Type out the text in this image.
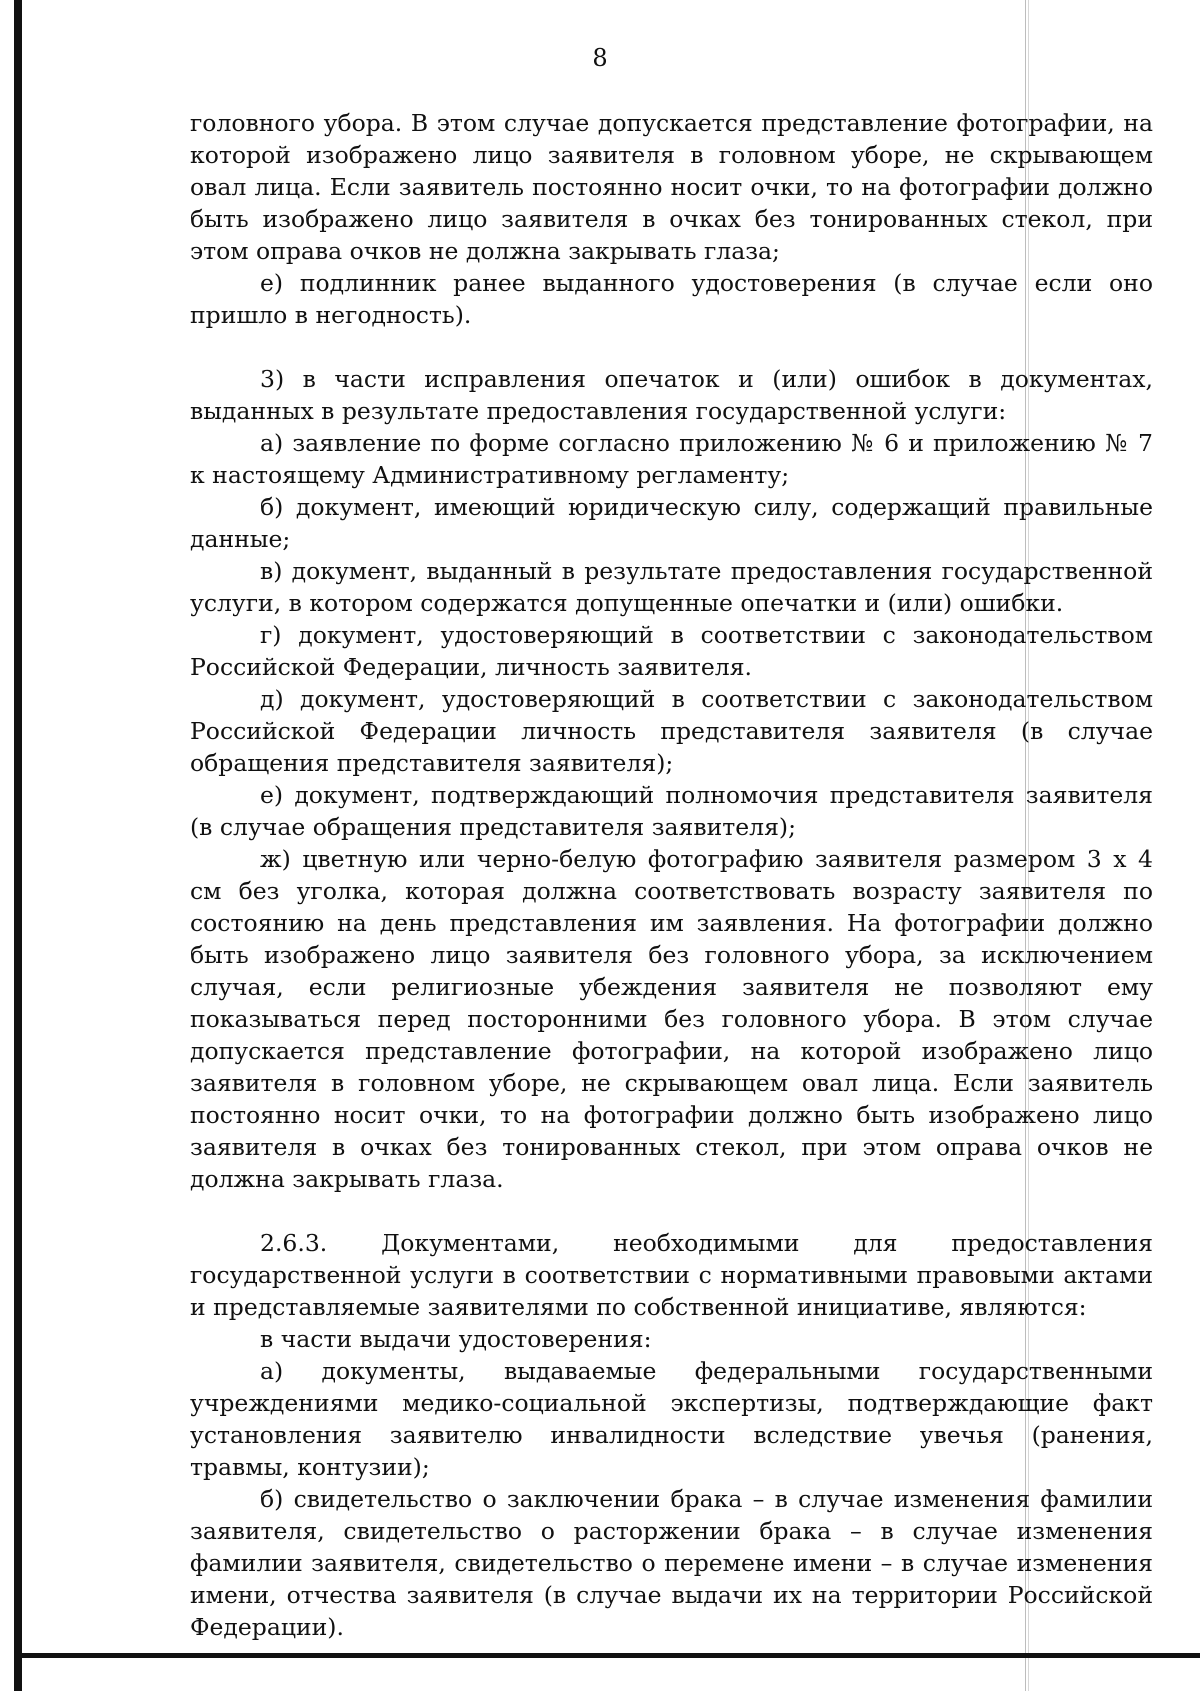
8

головного убора. В этом случае допускается представление фотографии, на которой изображено лицо заявителя в головном уборе, не скрывающем овал лица. Если заявитель постоянно носит очки, то на фотографии должно быть изображено лицо заявителя в очках без тонированных стекол, при этом оправа очков не должна закрывать глаза;

е) подлинник ранее выданного удостоверения (в случае если оно пришло в негодность).

3) в части исправления опечаток и (или) ошибок в документах, выданных в результате предоставления государственной услуги:

а) заявление по форме согласно приложению № 6 и приложению № 7 к настоящему Административному регламенту;

б) документ, имеющий юридическую силу, содержащий правильные данные;

в) документ, выданный в результате предоставления государственной услуги, в котором содержатся допущенные опечатки и (или) ошибки.

г) документ, удостоверяющий в соответствии с законодательством Российской Федерации, личность заявителя.

д) документ, удостоверяющий в соответствии с законодательством Российской Федерации личность представителя заявителя (в случае обращения представителя заявителя);

е) документ, подтверждающий полномочия представителя заявителя (в случае обращения представителя заявителя);

ж) цветную или черно-белую фотографию заявителя размером 3 х 4 см без уголка, которая должна соответствовать возрасту заявителя по состоянию на день представления им заявления. На фотографии должно быть изображено лицо заявителя без головного убора, за исключением случая, если религиозные убеждения заявителя не позволяют ему показываться перед посторонними без головного убора. В этом случае допускается представление фотографии, на которой изображено лицо заявителя в головном уборе, не скрывающем овал лица. Если заявитель постоянно носит очки, то на фотографии должно быть изображено лицо заявителя в очках без тонированных стекол, при этом оправа очков не должна закрывать глаза.

2.6.3. Документами, необходимыми для предоставления государственной услуги в соответствии с нормативными правовыми актами и представляемые заявителями по собственной инициативе, являются:

в части выдачи удостоверения:

а) документы, выдаваемые федеральными государственными учреждениями медико-социальной экспертизы, подтверждающие факт установления заявителю инвалидности вследствие увечья (ранения, травмы, контузии);

б) свидетельство о заключении брака – в случае изменения фамилии заявителя, свидетельство о расторжении брака – в случае изменения фамилии заявителя, свидетельство о перемене имени – в случае изменения имени, отчества заявителя (в случае выдачи их на территории Российской Федерации).
